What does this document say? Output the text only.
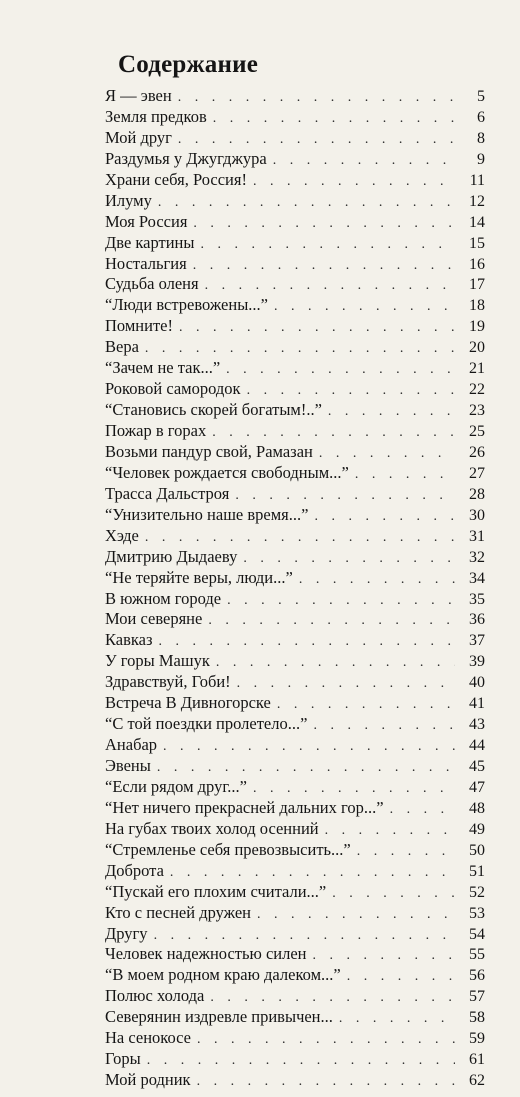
Содержание
Я — эвен . . .	5
Земля предков . . .	6
Мой друг . . .	8
Раздумья у Джугджура . . .	9
Храни себя, Россия! . . .	11
Илуму . . .	12
Моя Россия . . .	14
Две картины . . .	15
Ностальгия . . .	16
Судьба оленя . . .	17
“Люди встревожены...” . . .	18
Помните! . . .	19
Вера . . .	20
“Зачем не так...” . . .	21
Роковой самородок . . .	22
“Становись скорей богатым!..” . . .	23
Пожар в горах . . .	25
Возьми пандур свой, Рамазан . . .	26
“Человек рождается свободным...” . . .	27
Трасса Дальстроя . . .	28
“Унизительно наше время...” . . .	30
Хэде . . .	31
Дмитрию Дыдаеву . . .	32
“Не теряйте веры, люди...” . . .	34
В южном городе . . .	35
Мои северяне . . .	36
Кавказ . . .	37
У горы Машук . . .	39
Здравствуй, Гоби! . . .	40
Встреча В Дивногорске . . .	41
“С той поездки пролетело...” . . .	43
Анабар . . .	44
Эвены . . .	45
“Если рядом друг...” . . .	47
“Нет ничего прекрасней дальних гор...” . . .	48
На губах твоих холод осенний . . .	49
“Стремленье себя превозвысить...” . . .	50
Доброта . . .	51
“Пускай его плохим считали...” . . .	52
Кто с песней дружен . . .	53
Другу . . .	54
Человек надежностью силен . . .	55
“В моем родном краю далеком...” . . .	56
Полюс холода . . .	57
Северянин издревле привычен... . . .	58
На сенокосе . . .	59
Горы . . .	61
Мой родник . . .	62
